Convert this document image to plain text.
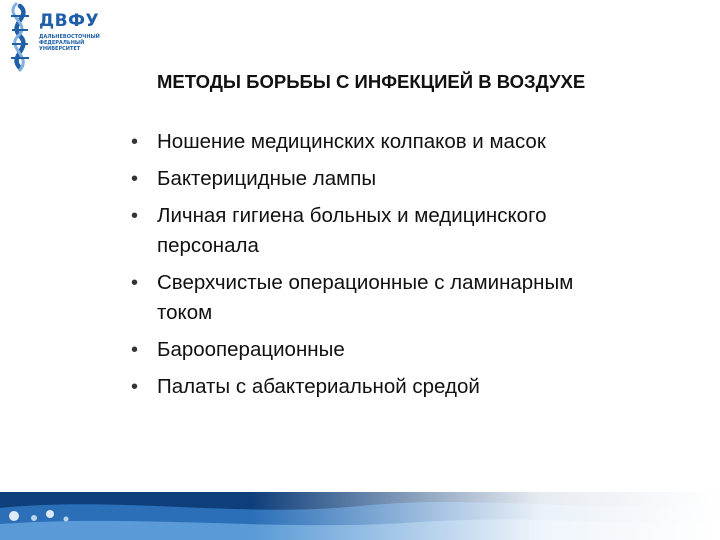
ДВФУ
ДАЛЬНЕВОСТОЧНЫЙ
ФЕДЕРАЛЬНЫЙ
УНИВЕРСИТЕТ
МЕТОДЫ БОРЬБЫ С ИНФЕКЦИЕЙ В ВОЗДУХЕ
• Ношение медицинских колпаков и масок
• Бактерицидные лампы
• Личная гигиена больных и медицинского персонала
• Сверхчистые операционные с ламинарным током
• Бароoперационные
• Палаты с абактериальной средой
